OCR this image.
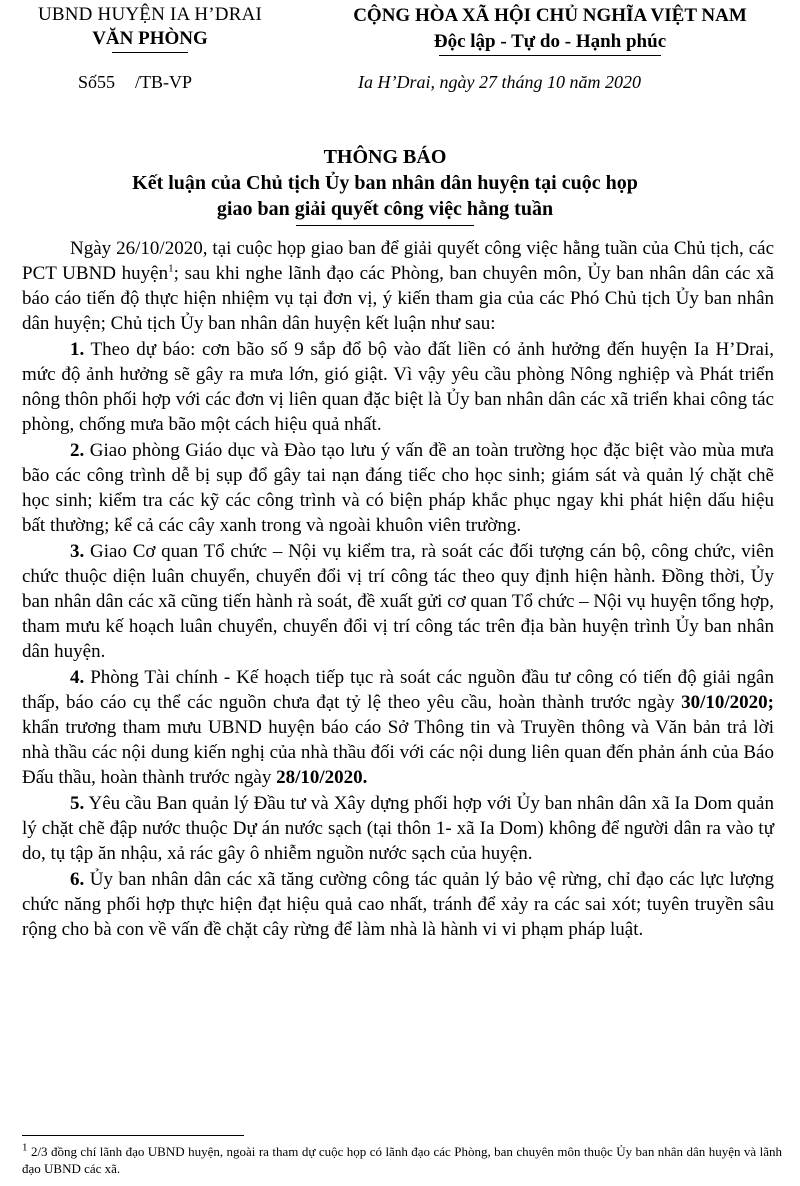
UBND HUYỆN IA H’DRAI
VĂN PHÒNG
CỘNG HÒA XÃ HỘI CHỦ NGHĨA VIỆT NAM
Độc lập - Tự do - Hạnh phúc
Số55 /TB-VP	Ia H’Drai, ngày 27 tháng 10 năm 2020
THÔNG BÁO
Kết luận của Chủ tịch Ủy ban nhân dân huyện tại cuộc họp
giao ban giải quyết công việc hằng tuần

Ngày 26/10/2020, tại cuộc họp giao ban để giải quyết công việc hằng tuần của Chủ tịch, các PCT UBND huyện$^1$; sau khi nghe lãnh đạo các Phòng, ban chuyên môn, Ủy ban nhân dân các xã báo cáo tiến độ thực hiện nhiệm vụ tại đơn vị, ý kiến tham gia của các Phó Chủ tịch Ủy ban nhân dân huyện; Chủ tịch Ủy ban nhân dân huyện kết luận như sau:

1. Theo dự báo: cơn bão số 9 sắp đổ bộ vào đất liền có ảnh hưởng đến huyện Ia H’Drai, mức độ ảnh hưởng sẽ gây ra mưa lớn, gió giật. Vì vậy yêu cầu phòng Nông nghiệp và Phát triển nông thôn phối hợp với các đơn vị liên quan đặc biệt là Ủy ban nhân dân các xã triển khai công tác phòng, chống mưa bão một cách hiệu quả nhất.

2. Giao phòng Giáo dục và Đào tạo lưu ý vấn đề an toàn trường học đặc biệt vào mùa mưa bão các công trình dễ bị sụp đổ gây tai nạn đáng tiếc cho học sinh; giám sát và quản lý chặt chẽ học sinh; kiểm tra các kỹ các công trình và có biện pháp khắc phục ngay khi phát hiện dấu hiệu bất thường; kể cả các cây xanh trong và ngoài khuôn viên trường.

3. Giao Cơ quan Tổ chức – Nội vụ kiểm tra, rà soát các đối tượng cán bộ, công chức, viên chức thuộc diện luân chuyển, chuyển đổi vị trí công tác theo quy định hiện hành. Đồng thời, Ủy ban nhân dân các xã cũng tiến hành rà soát, đề xuất gửi cơ quan Tổ chức – Nội vụ huyện tổng hợp, tham mưu kế hoạch luân chuyển, chuyển đổi vị trí công tác trên địa bàn huyện trình Ủy ban nhân dân huyện.

4. Phòng Tài chính - Kế hoạch tiếp tục rà soát các nguồn đầu tư công có tiến độ giải ngân thấp, báo cáo cụ thể các nguồn chưa đạt tỷ lệ theo yêu cầu, hoàn thành trước ngày 30/10/2020; khẩn trương tham mưu UBND huyện báo cáo Sở Thông tin và Truyền thông và Văn bản trả lời nhà thầu các nội dung kiến nghị của nhà thầu đối với các nội dung liên quan đến phản ánh của Báo Đấu thầu, hoàn thành trước ngày 28/10/2020.

5. Yêu cầu Ban quản lý Đầu tư và Xây dựng phối hợp với Ủy ban nhân dân xã Ia Dom quản lý chặt chẽ đập nước thuộc Dự án nước sạch (tại thôn 1- xã Ia Dom) không để người dân ra vào tự do, tụ tập ăn nhậu, xả rác gây ô nhiễm nguồn nước sạch của huyện.

6. Ủy ban nhân dân các xã tăng cường công tác quản lý bảo vệ rừng, chỉ đạo các lực lượng chức năng phối hợp thực hiện đạt hiệu quả cao nhất, tránh để xảy ra các sai xót; tuyên truyền sâu rộng cho bà con về vấn đề chặt cây rừng để làm nhà là hành vi vi phạm pháp luật.

$^1$ 2/3 đồng chí lãnh đạo UBND huyện, ngoài ra tham dự cuộc họp có lãnh đạo các Phòng, ban chuyên môn thuộc Ủy ban nhân dân huyện và lãnh đạo UBND các xã.
